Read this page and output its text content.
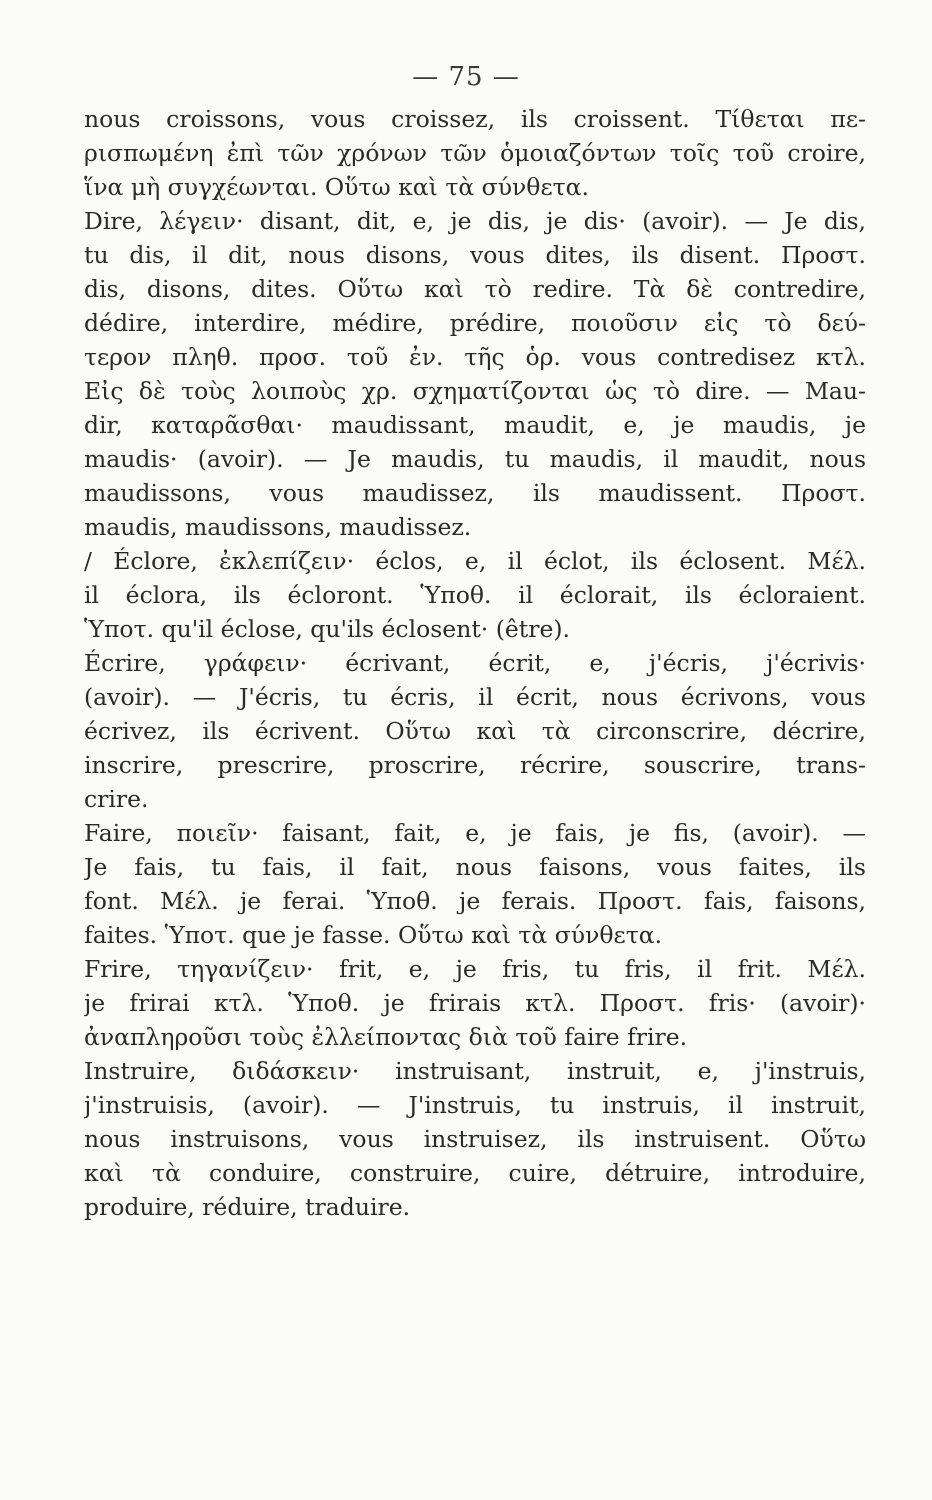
— 75 —
nous croissons, vous croissez, ils croissent. Τίθεται πε-
ρισπωμένη ἐπὶ τῶν χρόνων τῶν ὁμοιαζόντων τοῖς τοῦ croire,
ἵνα μὴ συγχέωνται. Οὕτω καὶ τὰ σύνθετα.
Dire, λέγειν· disant, dit, e, je dis, je dis· (avoir). — Je dis,
tu dis, il dit, nous disons, vous dites, ils disent. Προστ.
dis, disons, dites. Οὕτω καὶ τὸ redire. Τὰ δὲ contredire,
dédire, interdire, médire, prédire, ποιοῦσιν εἰς τὸ δεύ-
τερον πληθ. προσ. τοῦ ἐν. τῆς ὁρ. vous contredisez κτλ.
Εἰς δὲ τοὺς λοιποὺς χρ. σχηματίζονται ὡς τὸ dire. — Mau-
dir, καταρᾶσθαι· maudissant, maudit, e, je maudis, je
maudis· (avoir). — Je maudis, tu maudis, il maudit, nous
maudissons, vous maudissez, ils maudissent. Προστ.
maudis, maudissons, maudissez.
/ Éclore, ἐκλεπίζειν· éclos, e, il éclot, ils éclosent. Μέλ.
il éclora, ils écloront. Ὑποθ. il éclorait, ils écloraient.
Ὑποτ. qu'il éclose, qu'ils éclosent· (être).
Écrire, γράφειν· écrivant, écrit, e, j'écris, j'écrivis·
(avoir). — J'écris, tu écris, il écrit, nous écrivons, vous
écrivez, ils écrivent. Οὕτω καὶ τὰ circonscrire, décrire,
inscrire, prescrire, proscrire, récrire, souscrire, trans-
crire.
Faire, ποιεῖν· faisant, fait, e, je fais, je fis, (avoir). —
Je fais, tu fais, il fait, nous faisons, vous faites, ils
font. Μέλ. je ferai. Ὑποθ. je ferais. Προστ. fais, faisons,
faites. Ὑποτ. que je fasse. Οὕτω καὶ τὰ σύνθετα.
Frire, τηγανίζειν· frit, e, je fris, tu fris, il frit. Μέλ.
je frirai κτλ. Ὑποθ. je frirais κτλ. Προστ. fris· (avoir)·
ἀναπληροῦσι τοὺς ἐλλείποντας διὰ τοῦ faire frire.
Instruire, διδάσκειν· instruisant, instruit, e, j'instruis,
j'instruisis, (avoir). — J'instruis, tu instruis, il instruit,
nous instruisons, vous instruisez, ils instruisent. Οὕτω
καὶ τὰ conduire, construire, cuire, détruire, introduire,
produire, réduire, traduire.
